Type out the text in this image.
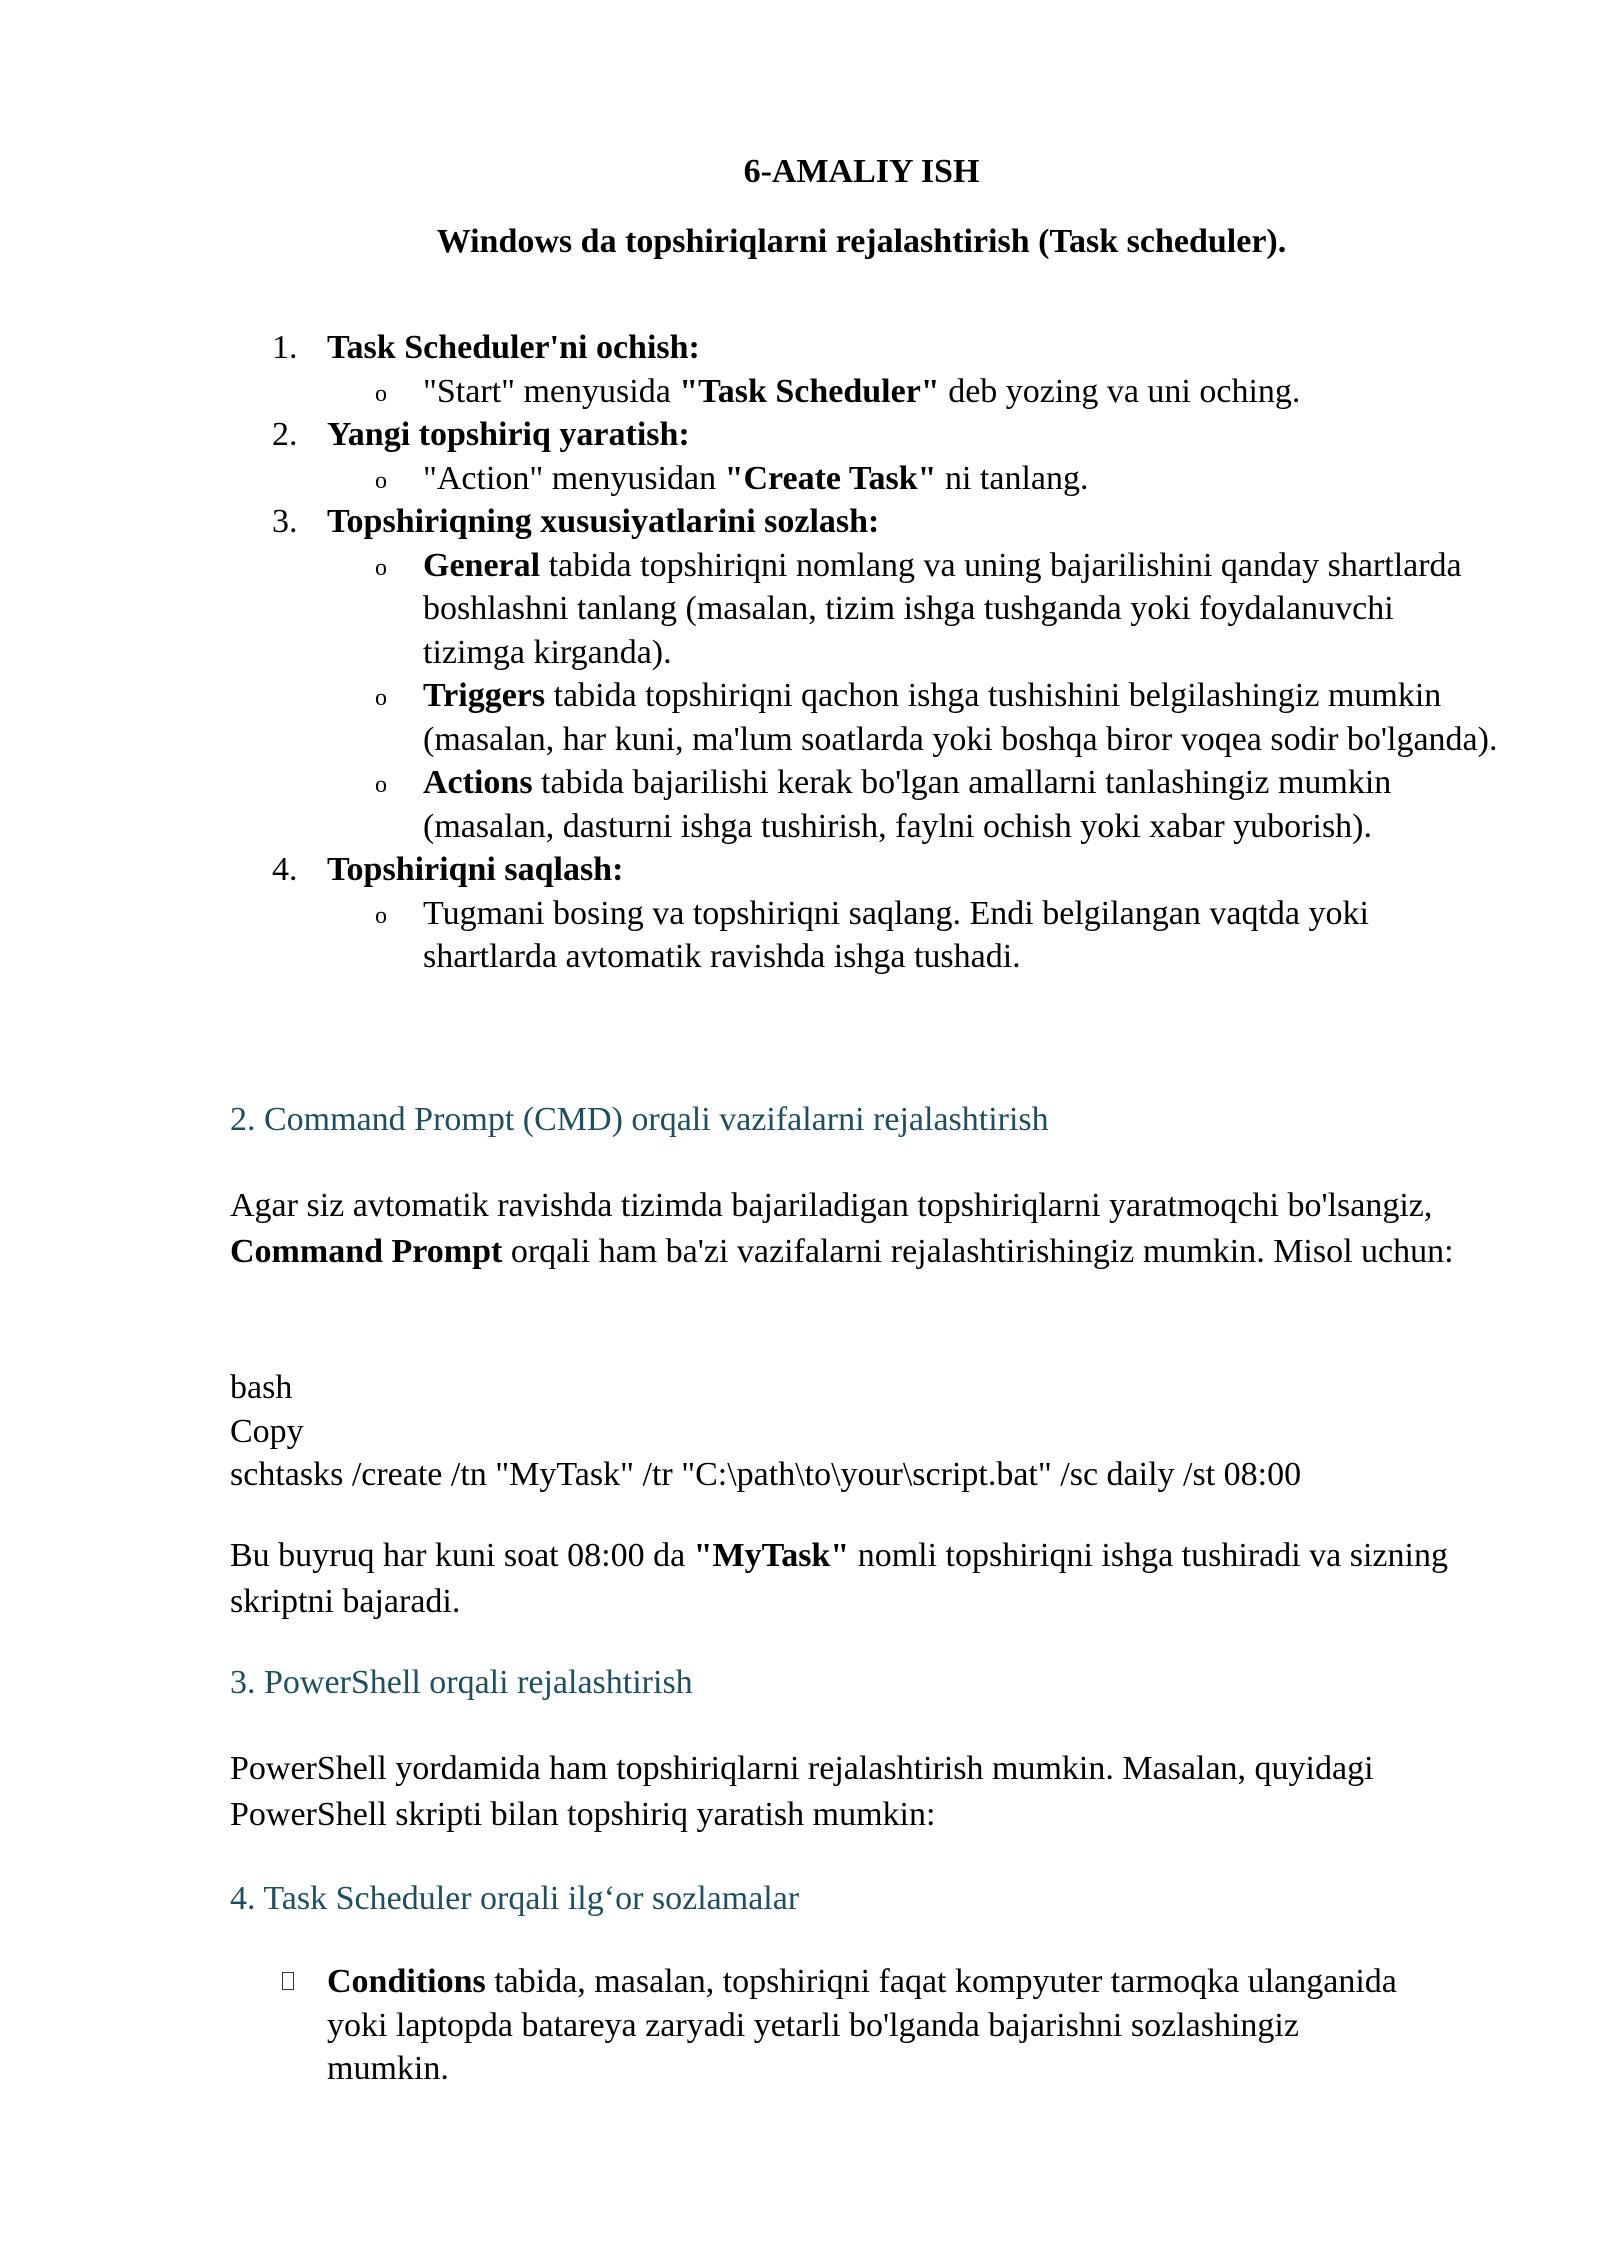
6-AMALIY ISH
Windows da topshiriqlarni rejalashtirish (Task scheduler).
1. Task Scheduler'ni ochish:
o "Start" menyusida "Task Scheduler" deb yozing va uni oching.
2. Yangi topshiriq yaratish:
o "Action" menyusidan "Create Task" ni tanlang.
3. Topshiriqning xususiyatlarini sozlash:
o General tabida topshiriqni nomlang va uning bajarilishini qanday shartlarda boshlashni tanlang (masalan, tizim ishga tushganda yoki foydalanuvchi tizimga kirganda).
o Triggers tabida topshiriqni qachon ishga tushishini belgilashingiz mumkin (masalan, har kuni, ma'lum soatlarda yoki boshqa biror voqea sodir bo'lganda).
o Actions tabida bajarilishi kerak bo'lgan amallarni tanlashingiz mumkin (masalan, dasturni ishga tushirish, faylni ochish yoki xabar yuborish).
4. Topshiriqni saqlash:
o Tugmani bosing va topshiriqni saqlang. Endi belgilangan vaqtda yoki shartlarda avtomatik ravishda ishga tushadi.
2. Command Prompt (CMD) orqali vazifalarni rejalashtirish
Agar siz avtomatik ravishda tizimda bajariladigan topshiriqlarni yaratmoqchi bo'lsangiz, Command Prompt orqali ham ba'zi vazifalarni rejalashtirishingiz mumkin. Misol uchun:
bash
Copy
schtasks /create /tn "MyTask" /tr "C:\path\to\your\script.bat" /sc daily /st 08:00
Bu buyruq har kuni soat 08:00 da "MyTask" nomli topshiriqni ishga tushiradi va sizning skriptni bajaradi.
3. PowerShell orqali rejalashtirish
PowerShell yordamida ham topshiriqlarni rejalashtirish mumkin. Masalan, quyidagi PowerShell skripti bilan topshiriq yaratish mumkin:
4. Task Scheduler orqali ilg‘or sozlamalar
Conditions tabida, masalan, topshiriqni faqat kompyuter tarmoqka ulanganida yoki laptopda batareya zaryadi yetarli bo'lganda bajarishni sozlashingiz mumkin.
